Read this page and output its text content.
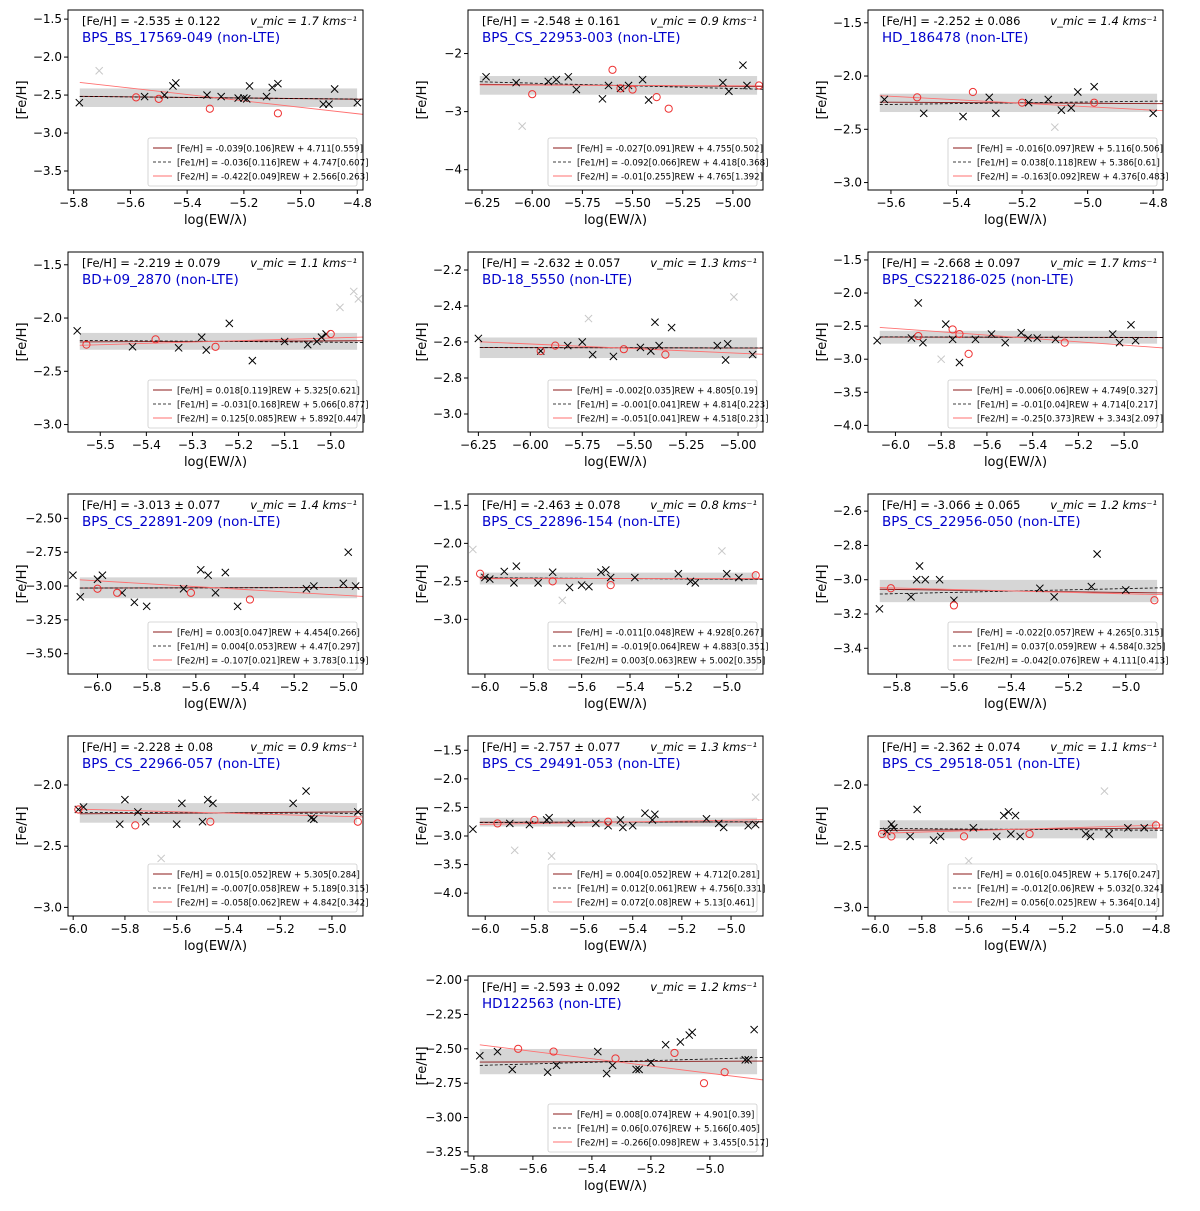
−5.8 −5.6 −5.4 −5.2 −5.0 −4.8
−3.5
−3.0
−2.5
−2.0
−1.5
log(EW/λ)
[Fe/H]
[Fe/H] = -2.535 ± 0.122	v_mic = 1.7 kms⁻¹
BPS_BS_17569-049 (non-LTE)
[Fe/H] = -0.039[0.106]REW + 4.711[0.559]
[Fe1/H] = -0.036[0.116]REW + 4.747[0.607]
[Fe2/H] = -0.422[0.049]REW + 2.566[0.263]
−6.25 −6.00 −5.75 −5.50 −5.25 −5.00
−4
−3
−2
log(EW/λ)
[Fe/H]
[Fe/H] = -2.548 ± 0.161	v_mic = 0.9 kms⁻¹
BPS_CS_22953-003 (non-LTE)
[Fe/H] = -0.027[0.091]REW + 4.755[0.502]
[Fe1/H] = -0.092[0.066]REW + 4.418[0.368]
[Fe2/H] = -0.01[0.255]REW + 4.765[1.392]
−5.6	−5.4	−5.2	−5.0	−4.8
−3.0
−2.5
−2.0
−1.5
log(EW/λ)
[Fe/H]
[Fe/H] = -2.252 ± 0.086	v_mic = 1.4 kms⁻¹
HD_186478 (non-LTE)
[Fe/H] = -0.016[0.097]REW + 5.116[0.506]
[Fe1/H] = 0.038[0.118]REW + 5.386[0.61]
[Fe2/H] = -0.163[0.092]REW + 4.376[0.483]
−5.5 −5.4 −5.3 −5.2 −5.1 −5.0
−3.0
−2.5
−2.0
−1.5
log(EW/λ)
[Fe/H]
[Fe/H] = -2.219 ± 0.079	v_mic = 1.1 kms⁻¹
BD+09_2870 (non-LTE)
[Fe/H] = 0.018[0.119]REW + 5.325[0.621]
[Fe1/H] = -0.031[0.168]REW + 5.066[0.877]
[Fe2/H] = 0.125[0.085]REW + 5.892[0.447]
−6.25 −6.00 −5.75 −5.50 −5.25 −5.00
−3.0
−2.8
−2.6
−2.4
−2.2
log(EW/λ)
[Fe/H]
[Fe/H] = -2.632 ± 0.057	v_mic = 1.3 kms⁻¹
BD-18_5550 (non-LTE)
[Fe/H] = -0.002[0.035]REW + 4.805[0.19]
[Fe1/H] = -0.001[0.041]REW + 4.814[0.223]
[Fe2/H] = -0.051[0.041]REW + 4.518[0.231]
−6.0 −5.8 −5.6 −5.4 −5.2 −5.0
−4.0
−3.5
−3.0
−2.5
−2.0
−1.5
log(EW/λ)
[Fe/H]
[Fe/H] = -2.668 ± 0.097	v_mic = 1.7 kms⁻¹
BPS_CS22186-025 (non-LTE)
[Fe/H] = -0.006[0.06]REW + 4.749[0.327]
[Fe1/H] = -0.01[0.04]REW + 4.714[0.217]
[Fe2/H] = -0.25[0.373]REW + 3.343[2.097]
−6.0 −5.8 −5.6 −5.4 −5.2 −5.0
−3.50
−3.25
−3.00
−2.75
−2.50
log(EW/λ)
[Fe/H]
[Fe/H] = -3.013 ± 0.077	v_mic = 1.4 kms⁻¹
BPS_CS_22891-209 (non-LTE)
[Fe/H] = 0.003[0.047]REW + 4.454[0.266]
[Fe1/H] = 0.004[0.053]REW + 4.47[0.297]
[Fe2/H] = -0.107[0.021]REW + 3.783[0.119]
−6.0 −5.8 −5.6 −5.4 −5.2 −5.0
−3.0
−2.5
−2.0
−1.5
log(EW/λ)
[Fe/H]
[Fe/H] = -2.463 ± 0.078	v_mic = 0.8 kms⁻¹
BPS_CS_22896-154 (non-LTE)
[Fe/H] = -0.011[0.048]REW + 4.928[0.267]
[Fe1/H] = -0.019[0.064]REW + 4.883[0.351]
[Fe2/H] = 0.003[0.063]REW + 5.002[0.355]
−5.8 −5.6 −5.4 −5.2 −5.0
−3.4
−3.2
−3.0
−2.8
−2.6
log(EW/λ)
[Fe/H]
[Fe/H] = -3.066 ± 0.065	v_mic = 1.2 kms⁻¹
BPS_CS_22956-050 (non-LTE)
[Fe/H] = -0.022[0.057]REW + 4.265[0.315]
[Fe1/H] = 0.037[0.059]REW + 4.584[0.325]
[Fe2/H] = -0.042[0.076]REW + 4.111[0.413]
−6.0 −5.8 −5.6 −5.4 −5.2 −5.0
−3.0
−2.5
−2.0
log(EW/λ)
[Fe/H]
[Fe/H] = -2.228 ± 0.08	v_mic = 0.9 kms⁻¹
BPS_CS_22966-057 (non-LTE)
[Fe/H] = 0.015[0.052]REW + 5.305[0.284]
[Fe1/H] = -0.007[0.058]REW + 5.189[0.315]
[Fe2/H] = -0.058[0.062]REW + 4.842[0.342]
−6.0 −5.8 −5.6 −5.4 −5.2 −5.0
−4.0
−3.5
−3.0
−2.5
−2.0
−1.5
log(EW/λ)
[Fe/H]
[Fe/H] = -2.757 ± 0.077	v_mic = 1.3 kms⁻¹
BPS_CS_29491-053 (non-LTE)
[Fe/H] = 0.004[0.052]REW + 4.712[0.281]
[Fe1/H] = 0.012[0.061]REW + 4.756[0.331]
[Fe2/H] = 0.072[0.08]REW + 5.13[0.461]
−6.0 −5.8 −5.6 −5.4 −5.2 −5.0 −4.8
−3.0
−2.5
−2.0
log(EW/λ)
[Fe/H]
[Fe/H] = -2.362 ± 0.074	v_mic = 1.1 kms⁻¹
BPS_CS_29518-051 (non-LTE)
[Fe/H] = 0.016[0.045]REW + 5.176[0.247]
[Fe1/H] = -0.012[0.06]REW + 5.032[0.324]
[Fe2/H] = 0.056[0.025]REW + 5.364[0.14]
−5.8 −5.6 −5.4 −5.2 −5.0
−3.25
−3.00
−2.75
−2.50
−2.25
−2.00
log(EW/λ)
[Fe/H]
[Fe/H] = -2.593 ± 0.092	v_mic = 1.2 kms⁻¹
HD122563 (non-LTE)
[Fe/H] = 0.008[0.074]REW + 4.901[0.39]
[Fe1/H] = 0.06[0.076]REW + 5.166[0.405]
[Fe2/H] = -0.266[0.098]REW + 3.455[0.517]
